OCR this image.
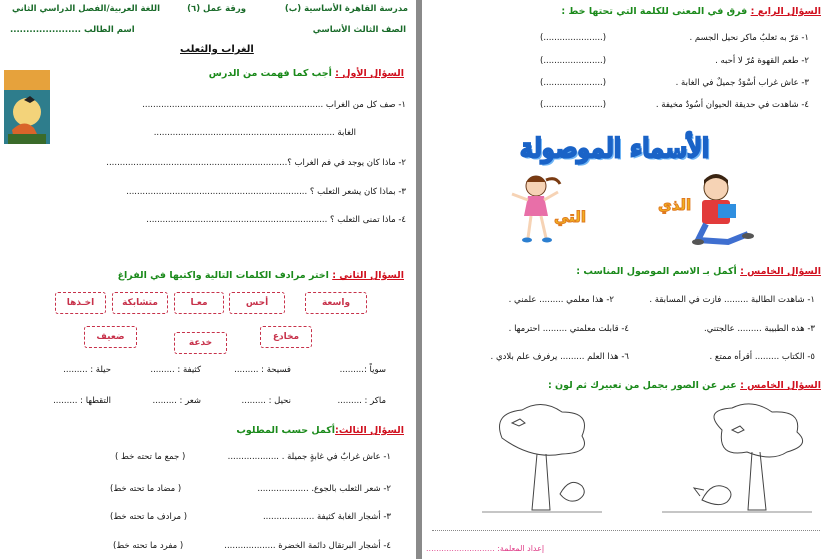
مدرسة القاهرة الأساسية (ب)
ورقة عمل (٦)
اللغة العربية/الفصل الدراسي الثاني
الصف الثالث الأساسي
اسم الطالب ......................
الغراب والثعلب
السؤال الأول : أجب كما فهمت من الدرس
١- صف كل من الغراب ...................................................................
الغابة ...................................................................
٢- ماذا كان يوجد في فم الغراب ؟...................................................................
٣- بماذا كان يشعر الثعلب ؟ ...................................................................
٤- ماذا تمنى الثعلب ؟ ...................................................................
السؤال الثاني : اختر مرادف الكلمات التالية واكتبها في الفراغ
واسعة
أحس
معـا
متشابكة
اخـذها
مخادع
خدعة
ضعيف
سوياً :.........
فسيحة : .........
كثيفة : .........
حيلة : .........
ماكر : .........
نحيل : .........
شعر : .........
التقطها : .........
السؤال الثالث:أكمل حسب المطلوب
١- عاش غرابٌ في غابةٍ جميلة . ...................
( جمع ما تحته خط )
٢- شعر الثعلب بالجوع. ...................
( مضاد ما تحته خط)
٣- أشجار الغابة كثيفة ...................
( مرادف ما تحته خط)
٤- أشجار البرتقال دائمة الخضرة ...................
( مفرد ما تحته خط)
السؤال الرابع : فرق في المعنى للكلمة التي تحتها خط :
١- مَرّ به ثعلبٌ ماكر نحيل الجسم .
(......................)
٢- طعم القهوة مُرّ لا أحبه .
(......................)
٣- عاش غراب أسْوَدُ جميلٌ في الغابة .
(......................)
٤- شاهدت في حديقة الحيوان أسُودٌ مخيفة .
(......................)
الأسماء الموصولة
التي
الذي
السؤال الخامس : أكمل بـ الاسم الموصول المناسب :
١- شاهدت الطالبة ......... فازت في المسابقة .
٢- هذا معلمي ......... علمني .
٣- هذه الطبيبة ......... عالجتني.
٤- قابلت معلمتي ......... احترمها .
٥- الكتاب ......... أقرأه ممتع .
٦- هذا العلم ......... يرفرف علم بلادي .
السؤال الخامس : عبر عن الصور بجمل من تعبيرك ثم لون :
إعداد المعلمة: ...........................
